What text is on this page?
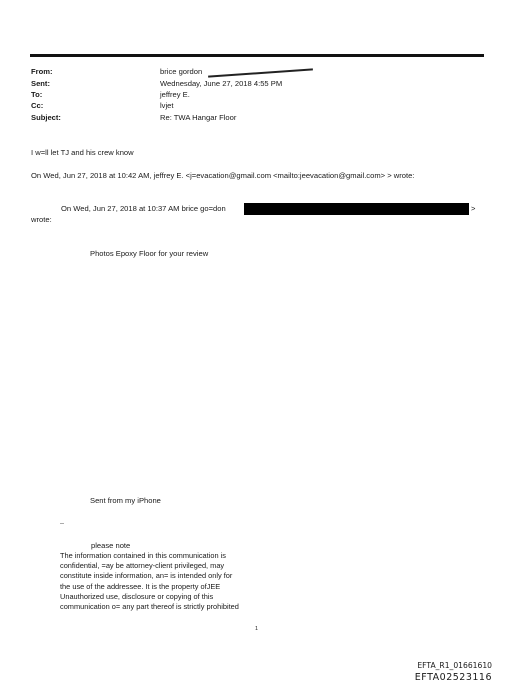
From:	brice gordon
Sent:	Wednesday, June 27, 2018 4:55 PM
To:	jeffrey E.
Cc:	lvjet
Subject:	Re: TWA Hangar Floor
I w=ll let TJ and his crew know
On Wed, Jun 27, 2018 at 10:42 AM, jeffrey E. <j=evacation@gmail.com <mailto:jeevacation@gmail.com> > wrote:
On Wed, Jun 27, 2018 at 10:37 AM brice go=don	>
wrote:
Photos Epoxy Floor for your review
Sent from my iPhone
--
please note
The information contained in this communication is
confidential, =ay be attorney-client privileged, may
constitute inside information, an= is intended only for
the use of the addressee. It is the property ofJEE
Unauthorized use, disclosure or copying of this
communication o= any part thereof is strictly prohibited
1
EFTA_R1_01661610
EFTA02523116
